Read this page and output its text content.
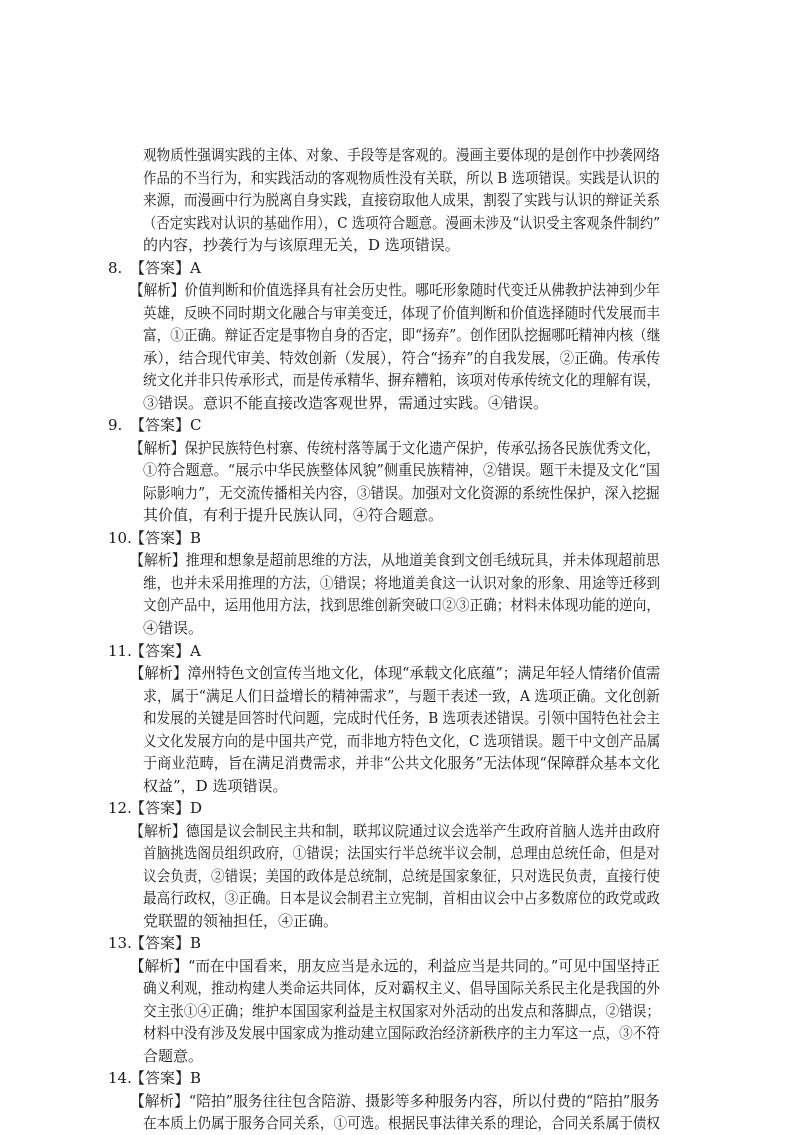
观物质性强调实践的主体、对象、手段等是客观的。漫画主要体现的是创作中抄袭网络
作品的不当行为，和实践活动的客观物质性没有关联，所以 B 选项错误。实践是认识的
来源，而漫画中行为脱离自身实践，直接窃取他人成果，割裂了实践与认识的辩证关系
（否定实践对认识的基础作用），C 选项符合题意。漫画未涉及“认识受主客观条件制约”
的内容，抄袭行为与该原理无关，D 选项错误。
8. 【答案】A
【解析】价值判断和价值选择具有社会历史性。哪吒形象随时代变迁从佛教护法神到少年
英雄，反映不同时期文化融合与审美变迁，体现了价值判断和价值选择随时代发展而丰
富，①正确。辩证否定是事物自身的否定，即“扬弃”。创作团队挖掘哪吒精神内核（继
承），结合现代审美、特效创新（发展），符合“扬弃”的自我发展，②正确。传承传
统文化并非只传承形式，而是传承精华、摒弃糟粕，该项对传承传统文化的理解有误，
③错误。意识不能直接改造客观世界，需通过实践。④错误。
9. 【答案】C
【解析】保护民族特色村寨、传统村落等属于文化遗产保护，传承弘扬各民族优秀文化，
①符合题意。“展示中华民族整体风貌”侧重民族精神，②错误。题干未提及文化“国
际影响力”，无交流传播相关内容，③错误。加强对文化资源的系统性保护，深入挖掘
其价值，有利于提升民族认同，④符合题意。
10.
【答案】B
【解析】推理和想象是超前思维的方法，从地道美食到文创毛绒玩具，并未体现超前思
维，也并未采用推理的方法，①错误；将地道美食这一认识对象的形象、用途等迁移到
文创产品中，运用他用方法，找到思维创新突破口②③正确；材料未体现功能的逆向，
④错误。
11.
【答案】A
【解析】漳州特色文创宣传当地文化，体现“承载文化底蕴”；满足年轻人情绪价值需
求，属于“满足人们日益增长的精神需求”，与题干表述一致，A 选项正确。文化创新
和发展的关键是回答时代问题，完成时代任务，B 选项表述错误。引领中国特色社会主
义文化发展方向的是中国共产党，而非地方特色文化，C 选项错误。题干中文创产品属
于商业范畴，旨在满足消费需求，并非“公共文化服务”无法体现“保障群众基本文化
权益”，D 选项错误。
12.
【答案】D
【解析】德国是议会制民主共和制，联邦议院通过议会选举产生政府首脑人选并由政府
首脑挑选阁员组织政府，①错误；法国实行半总统半议会制，总理由总统任命，但是对
议会负责，②错误；美国的政体是总统制，总统是国家象征，只对选民负责，直接行使
最高行政权，③正确。日本是议会制君主立宪制，首相由议会中占多数席位的政党或政
党联盟的领袖担任，④正确。
13.
【答案】B
【解析】“而在中国看来，朋友应当是永远的，利益应当是共同的。”可见中国坚持正
确义利观，推动构建人类命运共同体，反对霸权主义、倡导国际关系民主化是我国的外
交主张①④正确；维护本国国家利益是主权国家对外活动的出发点和落脚点，②错误；
材料中没有涉及发展中国家成为推动建立国际政治经济新秩序的主力军这一点，③不符
合题意。
14.
【答案】B
【解析】“陪拍”服务往往包含陪游、摄影等多种服务内容，所以付费的“陪拍”服务
在本质上仍属于服务合同关系，①可选。根据民事法律关系的理论，合同关系属于债权
